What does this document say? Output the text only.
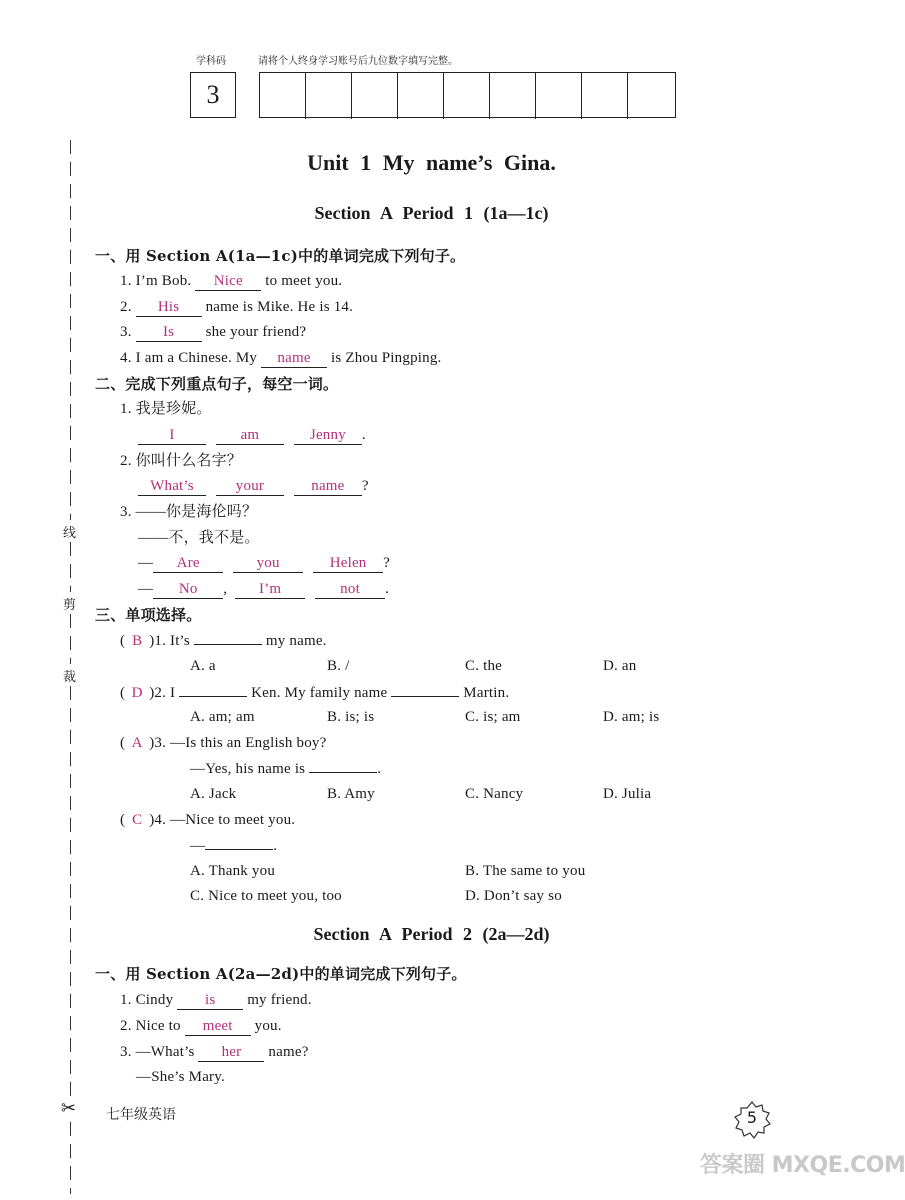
学科码	请将个人终身学习账号后九位数字填写完整。
3
线
剪
裁
✂
Unit 1 My name’s Gina.
Section A Period 1 (1a—1c)
一、用 Section A(1a—1c)中的单词完成下列句子。
1. I’m Bob. Nice to meet you.
2. His name is Mike. He is 14.
3. Is she your friend?
4. I am a Chinese. My name is Zhou Pingping.
二、完成下列重点句子，每空一词。
1. 我是珍妮。
I	am	Jenny .
2. 你叫什么名字？
What’s	your	name ?
3. ——你是海伦吗？
——不，我不是。
— Are	you	Helen ?
— No , I’m	not .
三、单项选择。
( B )1. It’s	my name.
A. a	B. /	C. the	D. an
( D )2. I	Ken. My family name	Martin.
A. am; am	B. is; is	C. is; am	D. am; is
( A )3. —Is this an English boy?
—Yes, his name is	.
A. Jack	B. Amy	C. Nancy	D. Julia
( C )4. —Nice to meet you.
—	.
A. Thank you	B. The same to you
C. Nice to meet you, too	D. Don’t say so
Section A Period 2 (2a—2d)
一、用 Section A(2a—2d)中的单词完成下列句子。
1. Cindy is my friend.
2. Nice to meet you.
3. —What’s her name?
—She’s Mary.
七年级英语	5
答案圈 MXQE.COM
